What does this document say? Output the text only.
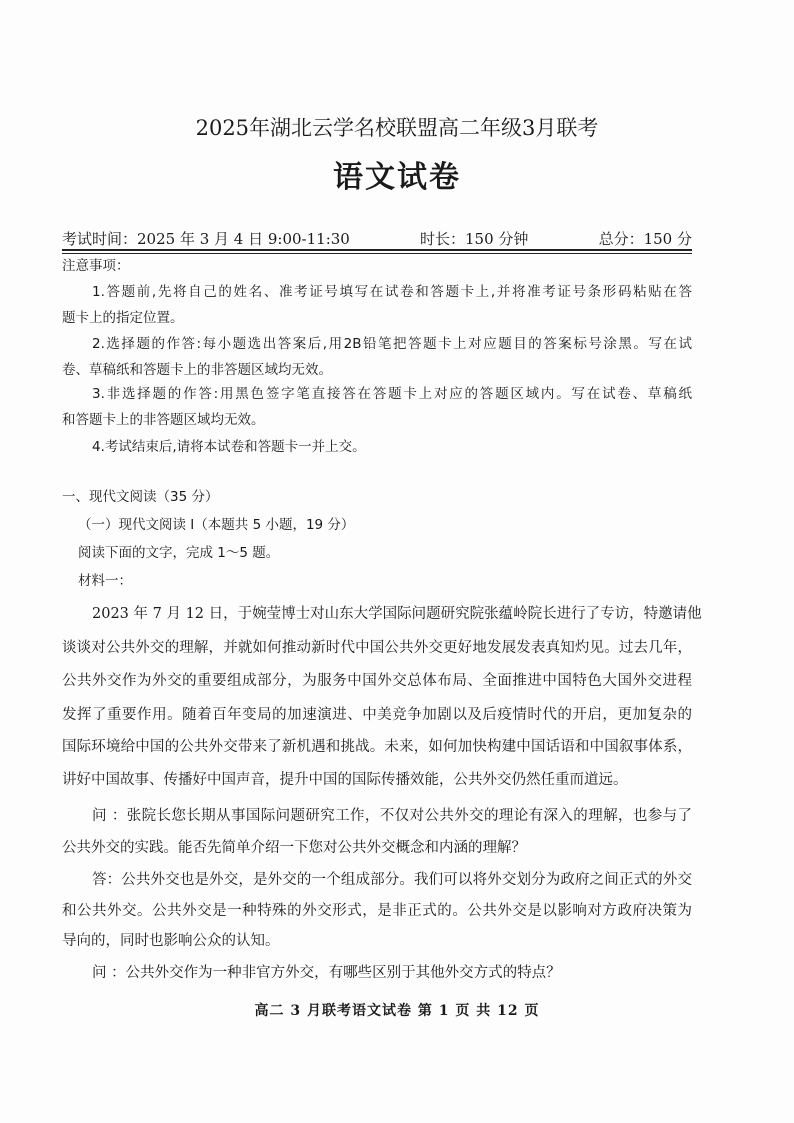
2025年湖北云学名校联盟高二年级3月联考
语文试卷
考试时间：2025 年 3 月 4 日 9:00-11:30	时长：150 分钟	总分：150 分
注意事项：
1.答题前,先将自己的姓名、准考证号填写在试卷和答题卡上,并将准考证号条形码粘贴在答
题卡上的指定位置。
2.选择题的作答:每小题选出答案后,用2B铅笔把答题卡上对应题目的答案标号涂黑。写在试
卷、草稿纸和答题卡上的非答题区域均无效。
3.非选择题的作答:用黑色签字笔直接答在答题卡上对应的答题区域内。写在试卷、草稿纸
和答题卡上的非答题区域均无效。
4.考试结束后,请将本试卷和答题卡一并上交。
一、现代文阅读（35 分）
（一）现代文阅读 I（本题共 5 小题，19 分）
阅读下面的文字，完成 1～5 题。
材料一：
2023 年 7 月 12 日，于婉莹博士对山东大学国际问题研究院张蕴岭院长进行了专访，特邀请他
谈谈对公共外交的理解，并就如何推动新时代中国公共外交更好地发展发表真知灼见。过去几年，
公共外交作为外交的重要组成部分，为服务中国外交总体布局、全面推进中国特色大国外交进程
发挥了重要作用。随着百年变局的加速演进、中美竞争加剧以及后疫情时代的开启，更加复杂的
国际环境给中国的公共外交带来了新机遇和挑战。未来，如何加快构建中国话语和中国叙事体系，
讲好中国故事、传播好中国声音，提升中国的国际传播效能，公共外交仍然任重而道远。
问 ：张院长您长期从事国际问题研究工作，不仅对公共外交的理论有深入的理解，也参与了
公共外交的实践。能否先简单介绍一下您对公共外交概念和内涵的理解？
答：公共外交也是外交，是外交的一个组成部分。我们可以将外交划分为政府之间正式的外交
和公共外交。公共外交是一种特殊的外交形式，是非正式的。公共外交是以影响对方政府决策为
导向的，同时也影响公众的认知。
问 ：公共外交作为一种非官方外交，有哪些区别于其他外交方式的特点？
高二 3 月联考语文试卷 第 1 页 共 12 页
